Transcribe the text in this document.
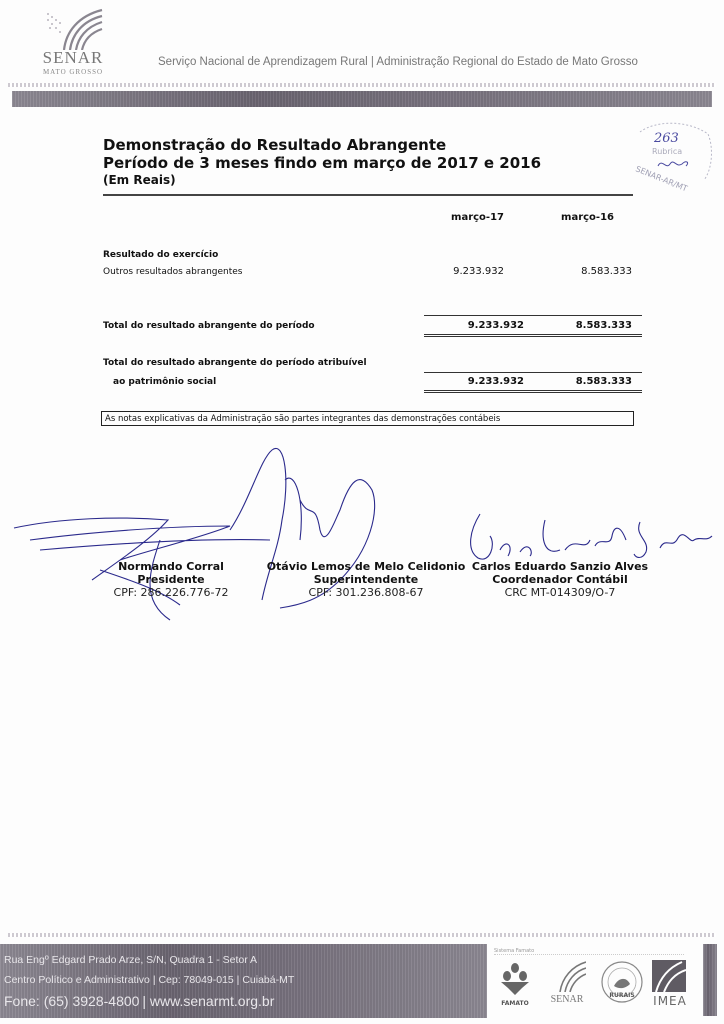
SENAR
MATO GROSSO
Serviço Nacional de Aprendizagem Rural | Administração Regional do Estado de Mato Grosso
263
Rubrica
SENAR-AR/MT
Demonstração do Resultado Abrangente
Período de 3 meses findo em março de 2017 e 2016
(Em Reais)
março-17	março-16
Resultado do exercício
Outros resultados abrangentes	9.233.932	8.583.333
Total do resultado abrangente do período	9.233.932	8.583.333
Total do resultado abrangente do período atribuível
ao patrimônio social	9.233.932	8.583.333
As notas explicativas da Administração são partes integrantes das demonstrações contábeis
Normando Corral
Presidente
CPF: 286.226.776-72
Otávio Lemos de Melo Celidonio
Superintendente
CPF: 301.236.808-67
Carlos Eduardo Sanzio Alves
Coordenador Contábil
CRC MT-014309/O-7
Rua Engº Edgard Prado Arze, S/N, Quadra 1 - Setor A
Centro Político e Administrativo | Cep: 78049-015 | Cuiabá-MT
Fone: (65) 3928-4800 | www.senarmt.org.br
Sistema Famato
FAMATO	SENAR	RURAIS	IMEA
